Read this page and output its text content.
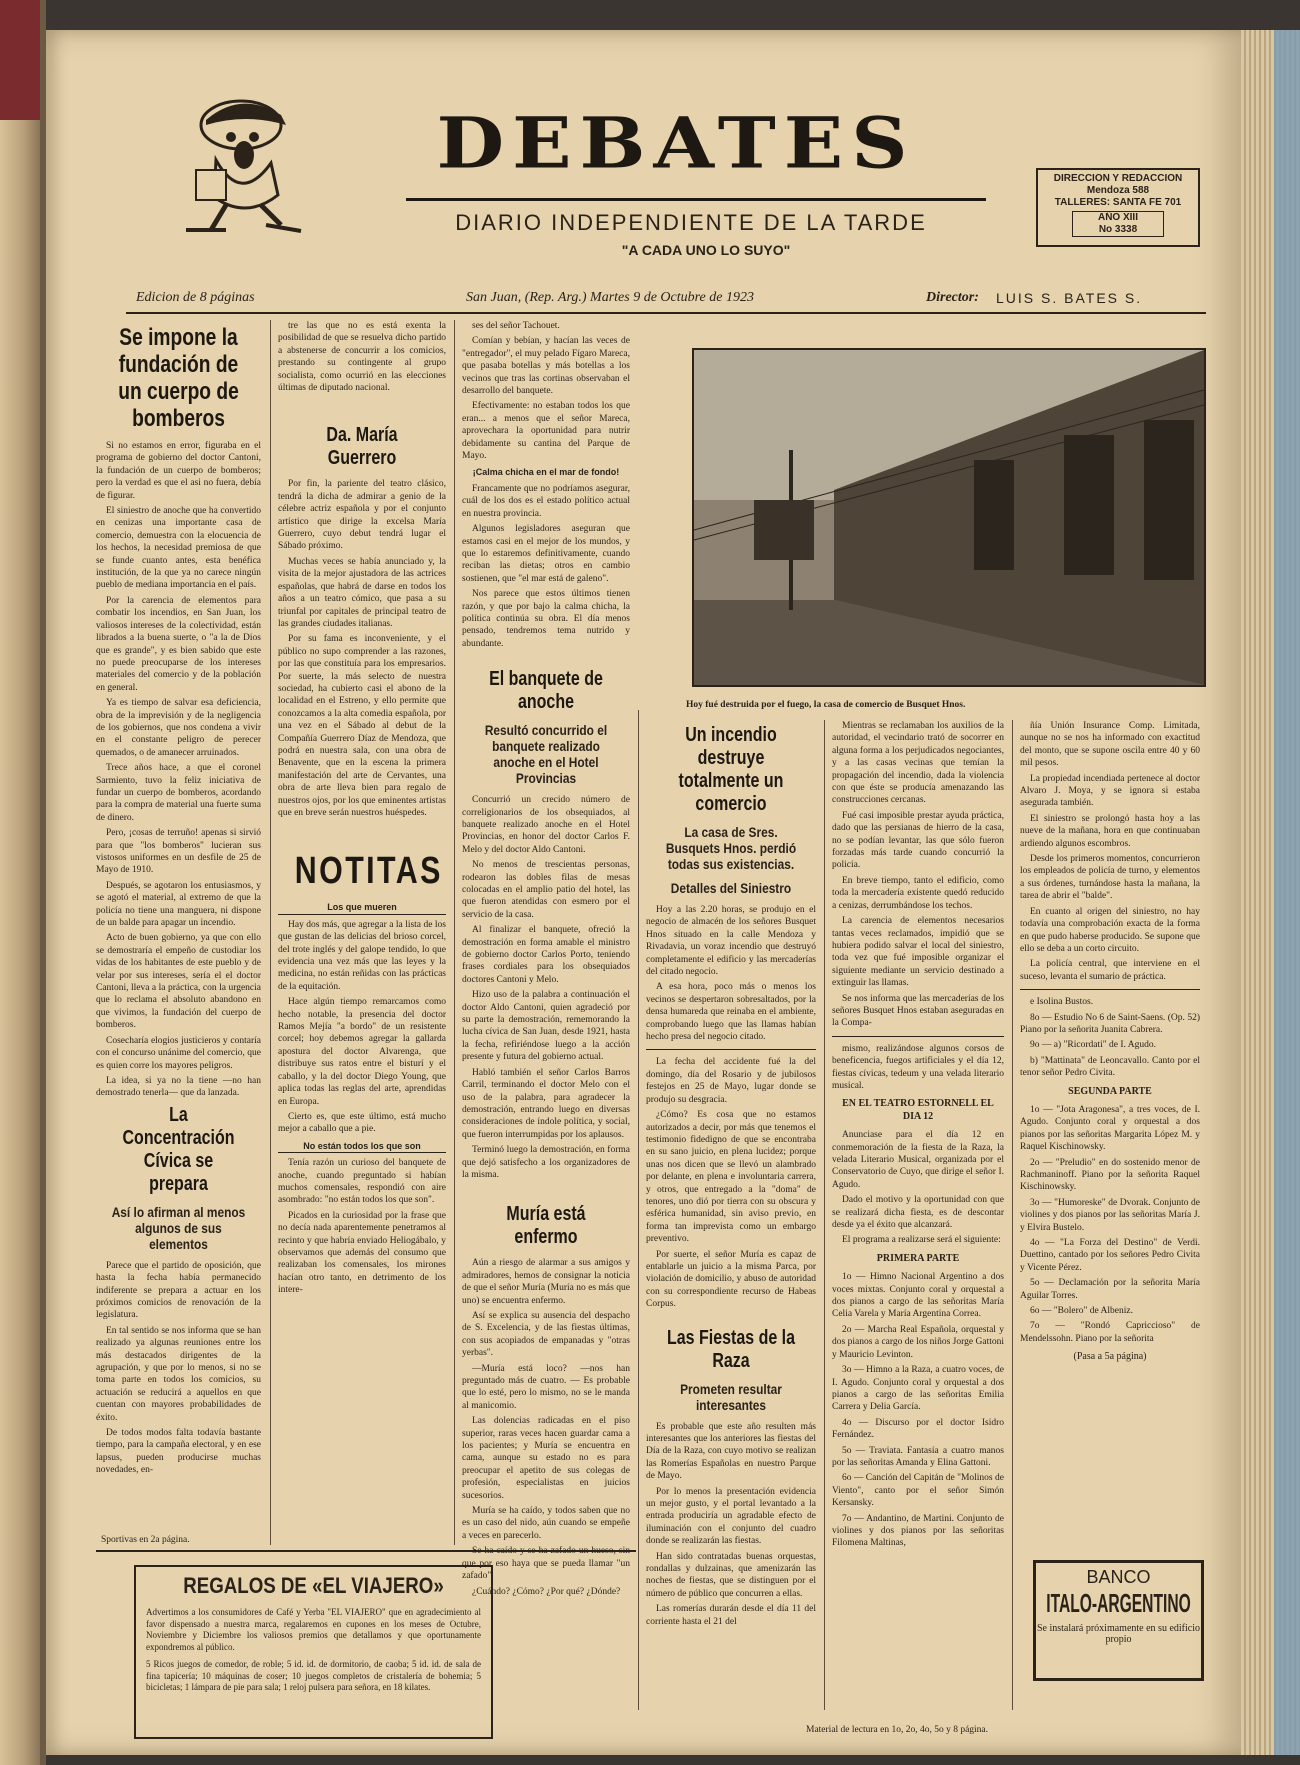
DEBATES
DIARIO INDEPENDIENTE DE LA TARDE
"A CADA UNO LO SUYO"
DIRECCION Y REDACCION
Mendoza 588
TALLERES: SANTA FE 701
AÑO XIII
No 3338
Edicion de 8 páginas	San Juan, (Rep. Arg.) Martes 9 de Octubre de 1923	Director: LUIS S. BATES S.
Se impone la fundación de un cuerpo de bomberos

Si no estamos en error, figuraba en el programa de gobierno del doctor Cantoni, la fundación de un cuerpo de bomberos; pero la verdad es que el asi no fuera, debía de figurar.

El siniestro de anoche que ha convertido en cenizas una importante casa de comercio, demuestra con la elocuencia de los hechos, la necesidad premiosa de que se funde cuanto antes, esta benéfica institución, de la que ya no carece ningún pueblo de mediana importancia en el país.

Por la carencia de elementos para combatir los incendios, en San Juan, los valiosos intereses de la colectividad, están librados a la buena suerte, o "a la de Dios que es grande", y es bien sabido que este no puede preocuparse de los intereses materiales del comercio y de la población en general.

Ya es tiempo de salvar esa deficiencia, obra de la imprevisión y de la negligencia de los gobiernos, que nos condena a vivir en el constante peligro de perecer quemados, o de amanecer arruinados.

Trece años hace, a que el coronel Sarmiento, tuvo la feliz iniciativa de fundar un cuerpo de bomberos, acordando para la compra de material una fuerte suma de dinero.

Pero, ¡cosas de terruño! apenas si sirvió para que "los bomberos" lucieran sus vistosos uniformes en un desfile de 25 de Mayo de 1910.

Después, se agotaron los entusiasmos, y se agotó el material, al extremo de que la policía no tiene una manguera, ni dispone de un balde para apagar un incendio.

Acto de buen gobierno, ya que con ello se demostraría el empeño de custodiar los vidas de los habitantes de este pueblo y de velar por sus intereses, sería el el doctor Cantoni, lleva a la práctica, con la urgencia que lo reclama el absoluto abandono en que vivimos, la fundación del cuerpo de bomberos.

Cosecharía elogios justicieros y contaría con el concurso unánime del comercio, que es quien corre los mayores peligros.

La idea, si ya no la tiene —no han demostrado tenerla— que da lanzada.

La Concentración Cívica se prepara
Así lo afirman al menos algunos de sus elementos

Parece que el partido de oposición, que hasta la fecha había permanecido indiferente se prepara a actuar en los próximos comicios de renovación de la legislatura.

En tal sentido se nos informa que se han realizado ya algunas reuniones entre los más destacados dirigentes de la agrupación, y que por lo menos, si no se toma parte en todos los comicios, su actuación se reducirá a aquellos en que cuentan con mayores probabilidades de éxito.

De todos modos falta todavía bastante tiempo, para la campaña electoral, y en ese lapsus, pueden producirse muchas novedades, en-

Sportivas en 2a página.

tre las que no es está exenta la posibilidad de que se resuelva dicho partido a abstenerse de concurrir a los comicios, prestando su contingente al grupo socialista, como ocurrió en las elecciones últimas de diputado nacional.

Da. María Guerrero

Por fin, la pariente del teatro clásico, tendrá la dicha de admirar a genio de la célebre actriz española y por el conjunto artístico que dirige la excelsa María Guerrero, cuyo debut tendrá lugar el Sábado próximo.

Muchas veces se había anunciado y, la visita de la mejor ajustadora de las actrices españolas, que habrá de darse en todos los años a un teatro cómico, que pasa a su triunfal por capitales de principal teatro de las grandes ciudades italianas.

Por su fama es inconveniente, y el público no supo comprender a las razones, por las que constituía para los empresarios. Por suerte, la más selecto de nuestra sociedad, ha cubierto casi el abono de la localidad en el Estreno, y ello permite que conozcamos a la alta comedia española, por una vez en el Sábado al debut de la Compañía Guerrero Díaz de Mendoza, que podrá en nuestra sala, con una obra de Benavente, que en la escena la primera manifestación del arte de Cervantes, una obra de arte lleva bien para regalo de nuestros ojos, por los que eminentes artistas que en breve serán nuestros huéspedes.

NOTITAS
Los que mueren

Hay dos más, que agregar a la lista de los que gustan de las delicias del brioso corcel, del trote inglés y del galope tendido, lo que evidencia una vez más que las leyes y la medicina, no están reñidas con las prácticas de la equitación.

Hace algún tiempo remarcamos como hecho notable, la presencia del doctor Ramos Mejía "a bordo" de un resistente corcel; hoy debemos agregar la gallarda apostura del doctor Alvarenga, que distribuye sus ratos entre el bisturí y el caballo, y la del doctor Diego Young, que aplica todas las reglas del arte, aprendidas en Europa.

Cierto es, que este último, está mucho mejor a caballo que a pie.

No están todos los que son

Tenía razón un curioso del banquete de anoche, cuando preguntado si habían muchos comensales, respondió con aire asombrado: "no están todos los que son".

Picados en la curiosidad por la frase que no decía nada aparentemente penetramos al recinto y que habría enviado Heliogábalo, y observamos que además del consumo que realizaban los comensales, los mirones hacían otro tanto, en detrimento de los intere-

ses del señor Tachouet.

Comían y bebían, y hacían las veces de "entregador", el muy pelado Fígaro Mareca, que pasaba botellas y más botellas a los vecinos que tras las cortinas observaban el desarrollo del banquete.

Efectivamente: no estaban todos los que eran... a menos que el señor Mareca, aprovechara la oportunidad para nutrir debidamente su cantina del Parque de Mayo.

¡Calma chicha en el mar de fondo!

Francamente que no podríamos asegurar, cuál de los dos es el estado político actual en nuestra provincia.

Algunos legisladores aseguran que estamos casi en el mejor de los mundos, y que lo estaremos definitivamente, cuando reciban las dietas; otros en cambio sostienen, que "el mar está de galeno".

Nos parece que estos últimos tienen razón, y que por bajo la calma chicha, la política continúa su obra. El día menos pensado, tendremos tema nutrido y abundante.

El banquete de anoche
Resultó concurrido el banquete realizado anoche en el Hotel Provincias

Concurrió un crecido número de correligionarios de los obsequiados, al banquete realizado anoche en el Hotel Provincias, en honor del doctor Carlos F. Melo y del doctor Aldo Cantoni.

No menos de trescientas personas, rodearon las dobles filas de mesas colocadas en el amplio patio del hotel, las que fueron atendidas con esmero por el servicio de la casa.

Al finalizar el banquete, ofreció la demostración en forma amable el ministro de gobierno doctor Carlos Porto, teniendo frases cordiales para los obsequiados doctores Cantoni y Melo.

Hizo uso de la palabra a continuación el doctor Aldo Cantoni, quien agradeció por su parte la demostración, rememorando la lucha cívica de San Juan, desde 1921, hasta la fecha, refiriéndose luego a la acción presente y futura del gobierno actual.

Habló también el señor Carlos Barros Carril, terminando el doctor Melo con el uso de la palabra, para agradecer la demostración, entrando luego en diversas consideraciones de índole política, y social, que fueron interrumpidas por los aplausos.

Terminó luego la demostración, en forma que dejó satisfecho a los organizadores de la misma.

Muría está enfermo

Aún a riesgo de alarmar a sus amigos y admiradores, hemos de consignar la noticia de que el señor Muría (Muría no es más que uno) se encuentra enfermo.

Así se explica su ausencia del despacho de S. Excelencia, y de las fiestas últimas, con sus acopiados de empanadas y "otras yerbas".

—Muría está loco? —nos han preguntado más de cuatro. — Es probable que lo esté, pero lo mismo, no se le manda al manicomio.

Las dolencias radicadas en el piso superior, raras veces hacen guardar cama a los pacientes; y Muría se encuentra en cama, aunque su estado no es para preocupar el apetito de sus colegas de profesión, especialistas en juicios sucesorios.

Muría se ha caído, y todos saben que no es un caso del nido, aún cuando se empeñe a veces en parecerlo.

que por eso haya que se pueda llamar "un zafado".

¿Cuándo? ¿Cómo? ¿Por qué? ¿Dónde?

Hoy fué destruida por el fuego, la casa de comercio de Busquet Hnos.
Un incendio destruye totalmente un comercio
La casa de Sres. Busquets Hnos. perdió todas sus existencias.
Detalles del Siniestro

Hoy a las 2.20 horas, se produjo en el negocio de almacén de los señores Busquet Hnos situado en la calle Mendoza y Rivadavia, un voraz incendio que destruyó completamente el edificio y las mercaderías del citado negocio.

A esa hora, poco más o menos los vecinos se despertaron sobresaltados, por la densa humareda que reinaba en el ambiente, comprobando luego que las llamas habían hecho presa del negocio citado.

La fecha del accidente fué la del domingo, día del Rosario y de jubilosos festejos en 25 de Mayo, lugar donde se produjo su desgracia.

¿Cómo? Es cosa que no estamos autorizados a decir, por más que tenemos el testimonio fidedigno de que se encontraba en su sano juicio, en plena lucidez; porque unas nos dicen que se llevó un alambrado por delante, en plena e involuntaria carrera, y otros, que entregado a la "doma" de tenores, uno dió por tierra con su obscura y esférica humanidad, sin aviso previo, en forma tan imprevista como un embargo preventivo.

Por suerte, el señor Muría es capaz de entablarle un juicio a la misma Parca, por violación de domicilio, y abuso de autoridad con su correspondiente recurso de Habeas Corpus.

Las Fiestas de la Raza
Prometen resultar interesantes

Es probable que este año resulten más interesantes que los anteriores las fiestas del Día de la Raza, con cuyo motivo se realizan las Romerías Españolas en nuestro Parque de Mayo.

Por lo menos la presentación evidencia un mejor gusto, y el portal levantado a la entrada produciría un agradable efecto de iluminación con el conjunto del cuadro donde se realizarán las fiestas.

Han sido contratadas buenas orquestas, rondallas y dulzainas, que amenizarán las noches de fiestas, que se distinguen por el número de público que concurren a ellas.

Las romerías durarán desde el día 11 del corriente hasta el 21 del

Mientras se reclamaban los auxilios de la autoridad, el vecindario trató de socorrer en alguna forma a los perjudicados negociantes, y a las casas vecinas que temían la propagación del incendio, dada la violencia con que éste se producía amenazando las construcciones cercanas.

Fué casi imposible prestar ayuda práctica, dado que las persianas de hierro de la casa, no se podían levantar, las que sólo fueron forzadas más tarde cuando concurrió la policía.

En breve tiempo, tanto el edificio, como toda la mercadería existente quedó reducido a cenizas, derrumbándose los techos.

La carencia de elementos necesarios tantas veces reclamados, impidió que se hubiera podido salvar el local del siniestro, toda vez que fué imposible organizar el siguiente mediante un servicio destinado a extinguir las llamas.

Se nos informa que las mercaderías de los señores Busquet Hnos estaban aseguradas en la Compa-

mismo, realizándose algunos corsos de beneficencia, fuegos artificiales y el día 12, fiestas cívicas, tedeum y una velada literario musical.

EN EL TEATRO ESTORNELL EL DIA 12

Anunciase para el día 12 en conmemoración de la fiesta de la Raza, la velada Literario Musical, organizada por el Conservatorio de Cuyo, que dirige el señor I. Agudo.

Dado el motivo y la oportunidad con que se realizará dicha fiesta, es de descontar desde ya el éxito que alcanzará.

El programa a realizarse será el siguiente:

PRIMERA PARTE

1o — Himno Nacional Argentino a dos voces mixtas. Conjunto coral y orquestal a dos pianos a cargo de las señoritas María Celia Varela y María Argentina Correa.

2o — Marcha Real Española, orquestal y dos pianos a cargo de los niños Jorge Gattoni y Mauricio Levinton.

3o — Himno a la Raza, a cuatro voces, de I. Agudo. Conjunto coral y orquestal a dos pianos a cargo de las señoritas Emilia Carrera y Delia García.

4o — Discurso por el doctor Isidro Fernández.

5o — Traviata. Fantasía a cuatro manos por las señoritas Amanda y Elina Gattoni.

6o — Canción del Capitán de "Molinos de Viento", canto por el señor Simón Kersansky.

7o — Andantino, de Martini. Conjunto de violines y dos pianos por las señoritas Filomena Maltinas,

ñía Unión Insurance Comp. Limitada, aunque no se nos ha informado con exactitud del monto, que se supone oscila entre 40 y 60 mil pesos.

La propiedad incendiada pertenece al doctor Alvaro J. Moya, y se ignora si estaba asegurada también.

El siniestro se prolongó hasta hoy a las nueve de la mañana, hora en que continuaban ardiendo algunos escombros.

Desde los primeros momentos, concurrieron los empleados de policía de turno, y elementos a sus órdenes, turnándose hasta la mañana, la tarea de abrir el "balde".

En cuanto al origen del siniestro, no hay todavía una comprobación exacta de la forma en que pudo haberse producido. Se supone que ello se deba a un corto circuito.

La policía central, que interviene en el suceso, levanta el sumario de práctica.

e Isolina Bustos.

8o — Estudio No 6 de Saint-Saens. (Op. 52) Piano por la señorita Juanita Cabrera.

9o — a) "Ricordati" de I. Agudo.

b) "Mattinata" de Leoncavallo. Canto por el tenor señor Pedro Civita.

SEGUNDA PARTE

1o — "Jota Aragonesa", a tres voces, de I. Agudo. Conjunto coral y orquestal a dos pianos por las señoritas Margarita López M. y Raquel Kischinowsky.

2o — "Preludio" en do sostenido menor de Rachmaninoff. Piano por la señorita Raquel Kischinowsky.

3o — "Humoreske" de Dvorak. Conjunto de violines y dos pianos por las señoritas María J. y Elvira Bustelo.

4o — "La Forza del Destino" de Verdi. Duettino, cantado por los señores Pedro Civita y Vicente Pérez.

5o — Declamación por la señorita María Aguilar Torres.

6o — "Bolero" de Albeniz.

7o — "Rondó Capriccioso" de Mendelssohn. Piano por la señorita

(Pasa a 5a página)
BANCO
ITALO-ARGENTINO
Se instalará próximamente en su edificio propio
REGALOS DE «EL VIAJERO»
Advertimos a los consumidores de Café y Yerba "EL VIAJERO" que en agradecimiento al favor dispensado a nuestra marca, regalaremos en cupones en los meses de Octubre, Noviembre y Diciembre los valiosos premios que detallamos y que oportunamente expondremos al público.
5 Ricos juegos de comedor, de roble; 5 id. id. de dormitorio, de caoba; 5 id. id. de sala de fina tapicería; 10 máquinas de coser; 10 juegos completos de cristalería de bohemia; 5 bicicletas; 1 lámpara de pie para sala; 1 reloj pulsera para señora, en 18 kilates.
Material de lectura en 1o, 2o, 4o, 5o y 8 página.
